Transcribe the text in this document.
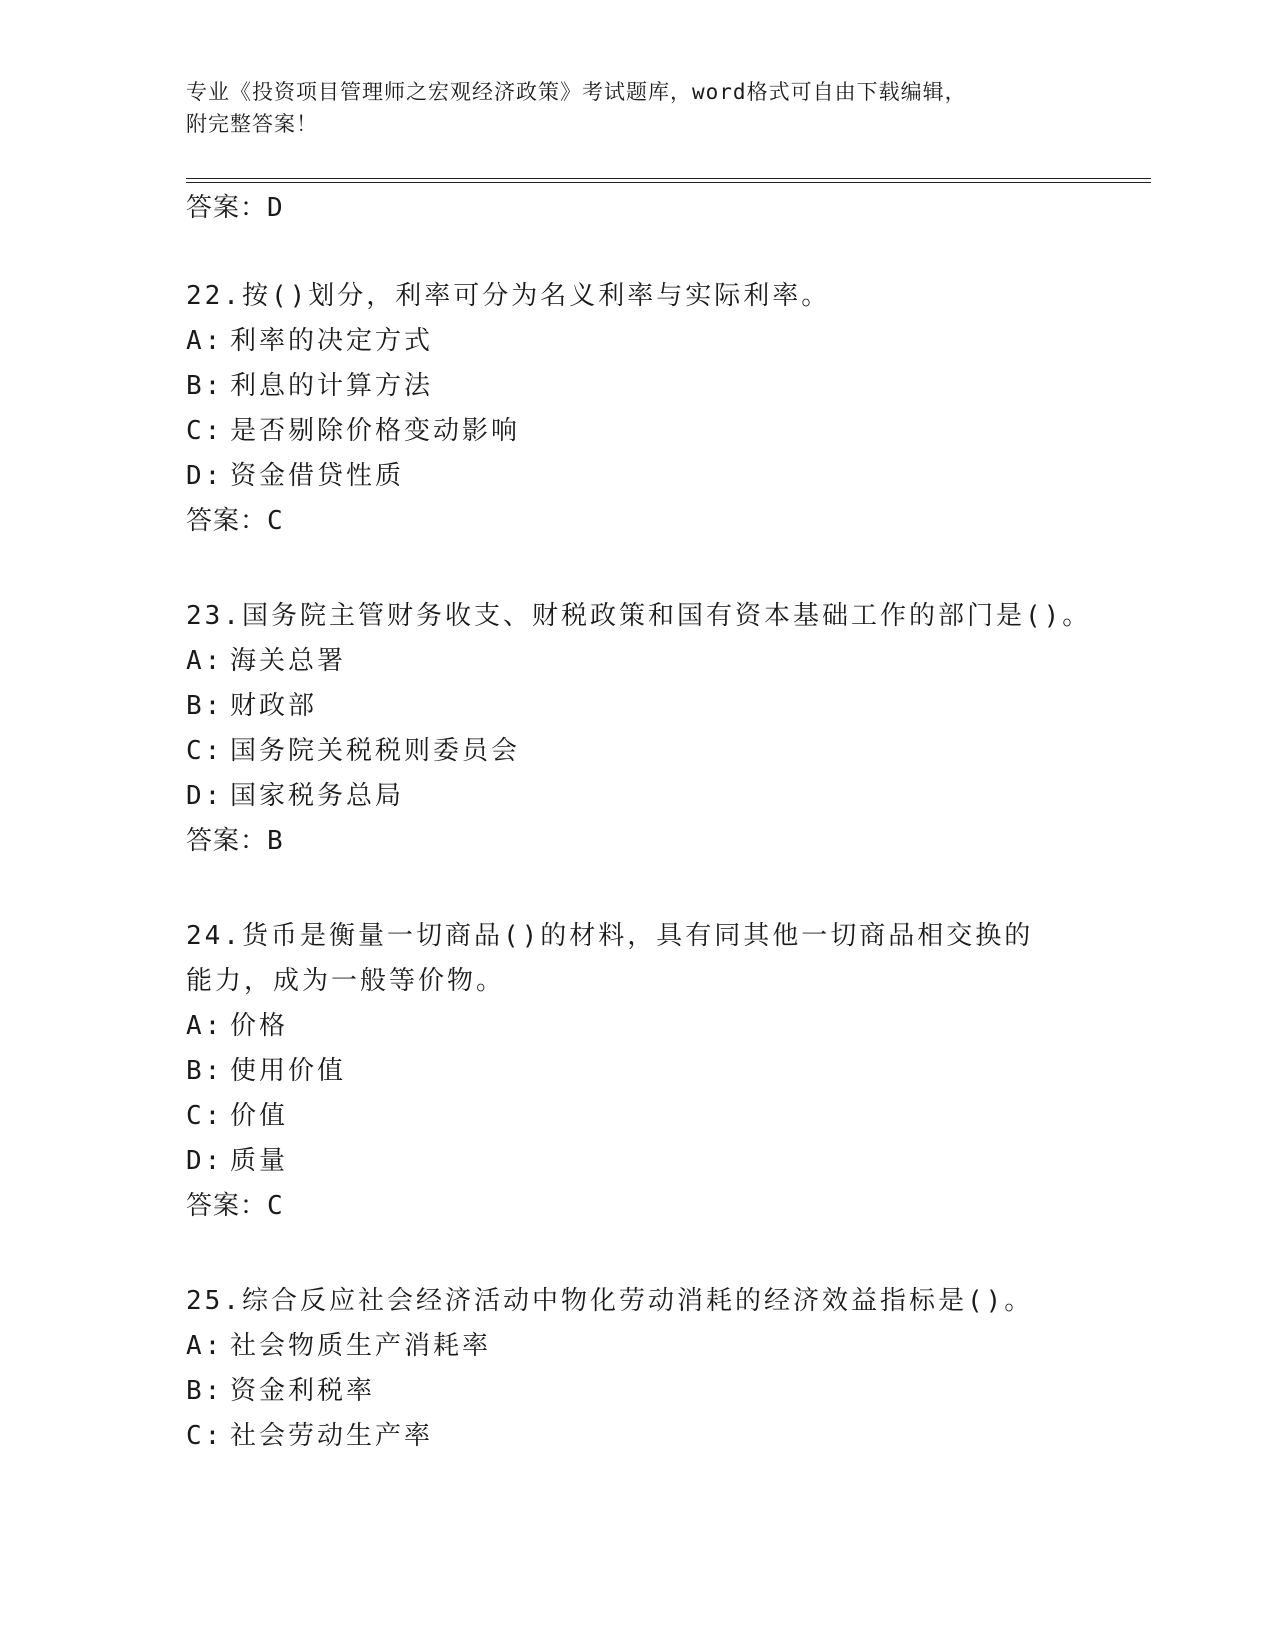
专业《投资项目管理师之宏观经济政策》考试题库，word格式可自由下载编辑，
附完整答案！
答案：D

22.按()划分，利率可分为名义利率与实际利率。

A: 利率的决定方式
B: 利息的计算方法
C: 是否剔除价格变动影响
D: 资金借贷性质
答案：C

23.国务院主管财务收支、财税政策和国有资本基础工作的部门是()。

A: 海关总署
B: 财政部
C: 国务院关税税则委员会
D: 国家税务总局
答案：B

24.货币是衡量一切商品()的材料，具有同其他一切商品相交换的能力，成为一般等价物。

A: 价格
B: 使用价值
C: 价值
D: 质量
答案：C

25.综合反应社会经济活动中物化劳动消耗的经济效益指标是()。

A: 社会物质生产消耗率
B: 资金利税率
C: 社会劳动生产率
